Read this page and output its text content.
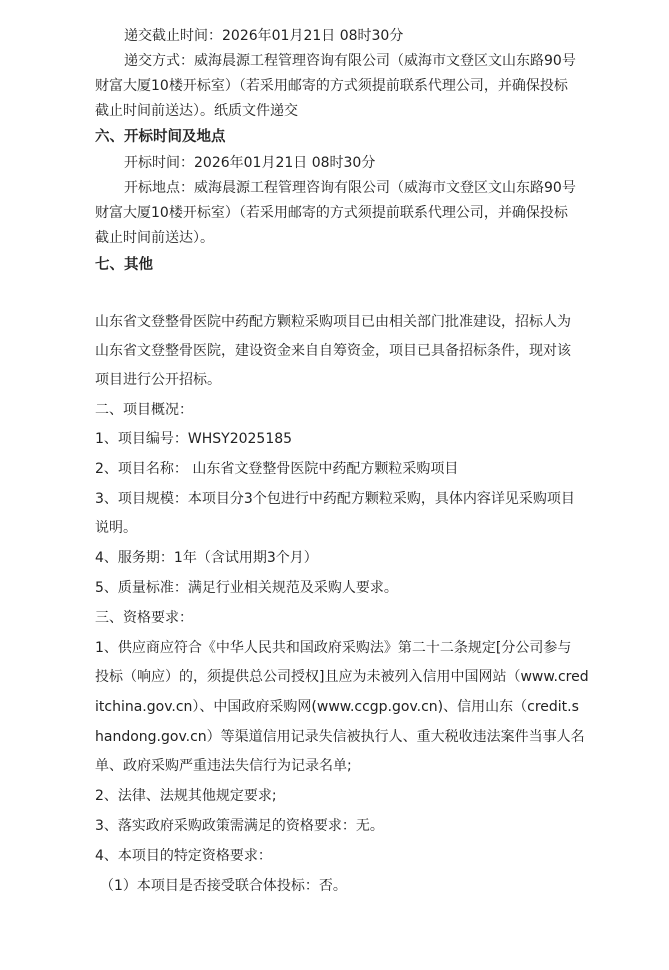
递交截止时间：2026年01月21日 08时30分
递交方式：威海晨源工程管理咨询有限公司（威海市文登区文山东路90号
财富大厦10楼开标室）（若采用邮寄的方式须提前联系代理公司，并确保投标
截止时间前送达）。纸质文件递交
六、开标时间及地点
开标时间：2026年01月21日 08时30分
开标地点：威海晨源工程管理咨询有限公司（威海市文登区文山东路90号
财富大厦10楼开标室）（若采用邮寄的方式须提前联系代理公司，并确保投标
截止时间前送达）。
七、其他
山东省文登整骨医院中药配方颗粒采购项目已由相关部门批准建设，招标人为
山东省文登整骨医院，建设资金来自自筹资金，项目已具备招标条件，现对该
项目进行公开招标。
二、项目概况：
1、项目编号：WHSY2025185
2、项目名称： 山东省文登整骨医院中药配方颗粒采购项目
3、项目规模：本项目分3个包进行中药配方颗粒采购，具体内容详见采购项目
说明。
4、服务期：1年（含试用期3个月）
5、质量标准：满足行业相关规范及采购人要求。
三、资格要求：
1、供应商应符合《中华人民共和国政府采购法》第二十二条规定[分公司参与
投标（响应）的，须提供总公司授权]且应为未被列入信用中国网站（www.cred
itchina.gov.cn）、中国政府采购网(www.ccgp.gov.cn)、信用山东（credit.s
handong.gov.cn）等渠道信用记录失信被执行人、重大税收违法案件当事人名
单、政府采购严重违法失信行为记录名单;
2、法律、法规其他规定要求;
3、落实政府采购政策需满足的资格要求：无。
4、本项目的特定资格要求：
（1）本项目是否接受联合体投标：否。
